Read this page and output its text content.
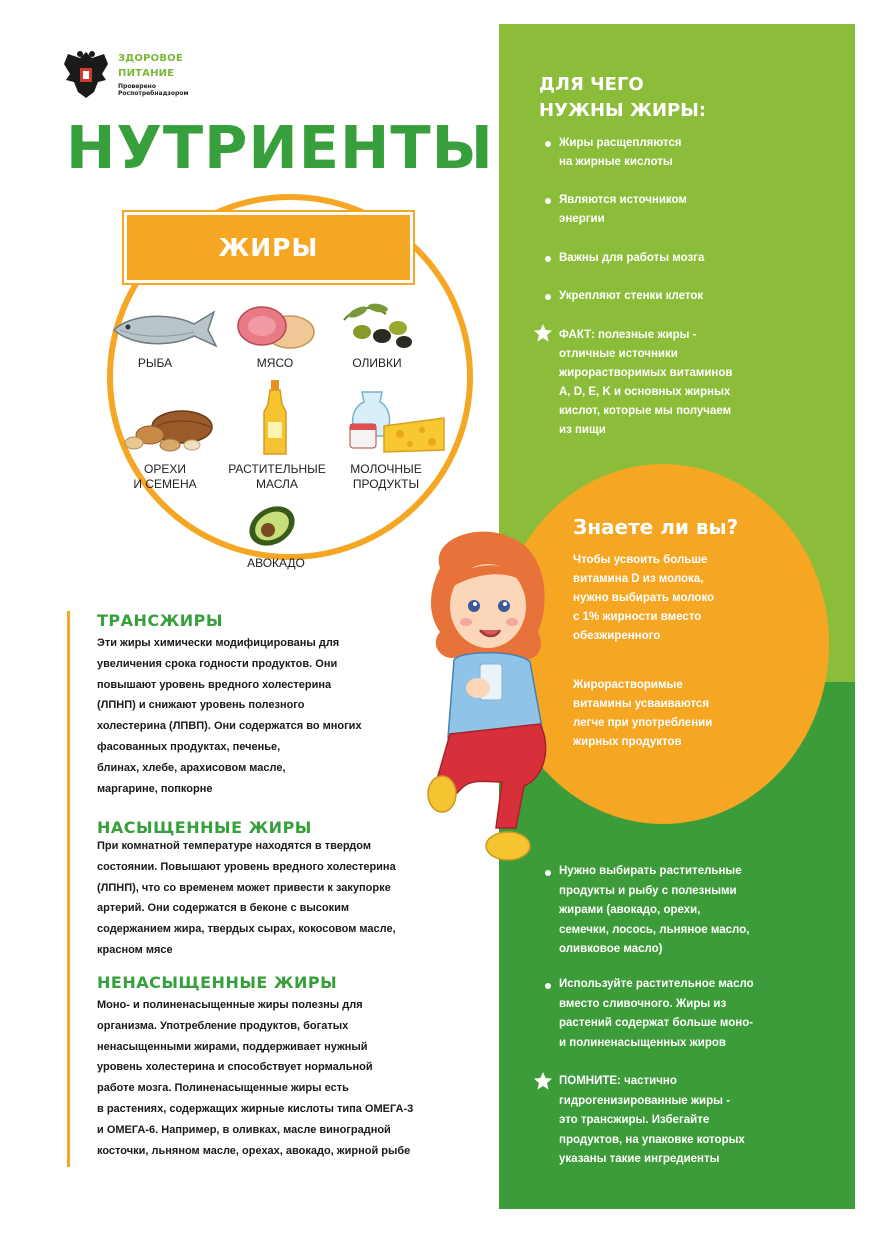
ЗДОРОВОЕ
ПИТАНИЕ
Проверено Роспотребнадзором
НУТРИЕНТЫ
ЖИРЫ
РЫБА	МЯСО	ОЛИВКИ
ОРЕХИ
И СЕМЕНА
РАСТИТЕЛЬНЫЕ
МАСЛА
МОЛОЧНЫЕ
ПРОДУКТЫ
АВОКАДО
ТРАНСЖИРЫ
Эти жиры химически модифицированы для
увеличения срока годности продуктов. Они
повышают уровень вредного холестерина
(ЛПНП) и снижают уровень полезного
холестерина (ЛПВП). Они содержатся во многих
фасованных продуктах, печенье,
блинах, хлебе, арахисовом масле,
маргарине, попкорне
НАСЫЩЕННЫЕ ЖИРЫ
При комнатной температуре находятся в твердом
состоянии. Повышают уровень вредного холестерина
(ЛПНП), что со временем может привести к закупорке
артерий. Они содержатся в беконе с высоким
содержанием жира, твердых сырах, кокосовом масле,
красном мясе
НЕНАСЫЩЕННЫЕ ЖИРЫ
Моно- и полиненасыщенные жиры полезны для
организма. Употребление продуктов, богатых
ненасыщенными жирами, поддерживает нужный
уровень холестерина и способствует нормальной
работе мозга. Полиненасыщенные жиры есть
в растениях, содержащих жирные кислоты типа ОМЕГА-3
и ОМЕГА-6. Например, в оливках, масле виноградной
косточки, льняном масле, орехах, авокадо, жирной рыбе
ДЛЯ ЧЕГО
НУЖНЫ ЖИРЫ:
Жиры расщепляются
на жирные кислоты
Являются источником
энергии
Важны для работы мозга
Укрепляют стенки клеток
ФАКТ: полезные жиры -
отличные источники
жирорастворимых витаминов
A, D, E, K и основных жирных
кислот, которые мы получаем
из пищи
Знаете ли вы?
Чтобы усвоить больше
витамина D из молока,
нужно выбирать молоко
с 1% жирности вместо
обезжиренного
Жирорастворимые
витамины усваиваются
легче при употреблении
жирных продуктов
Нужно выбирать растительные
продукты и рыбу с полезными
жирами (авокадо, орехи,
семечки, лосось, льняное масло,
оливковое масло)
Используйте растительное масло
вместо сливочного. Жиры из
растений содержат больше моно-
и полиненасыщенных жиров
ПОМНИТЕ: частично
гидрогенизированные жиры -
это трансжиры. Избегайте
продуктов, на упаковке которых
указаны такие ингредиенты
